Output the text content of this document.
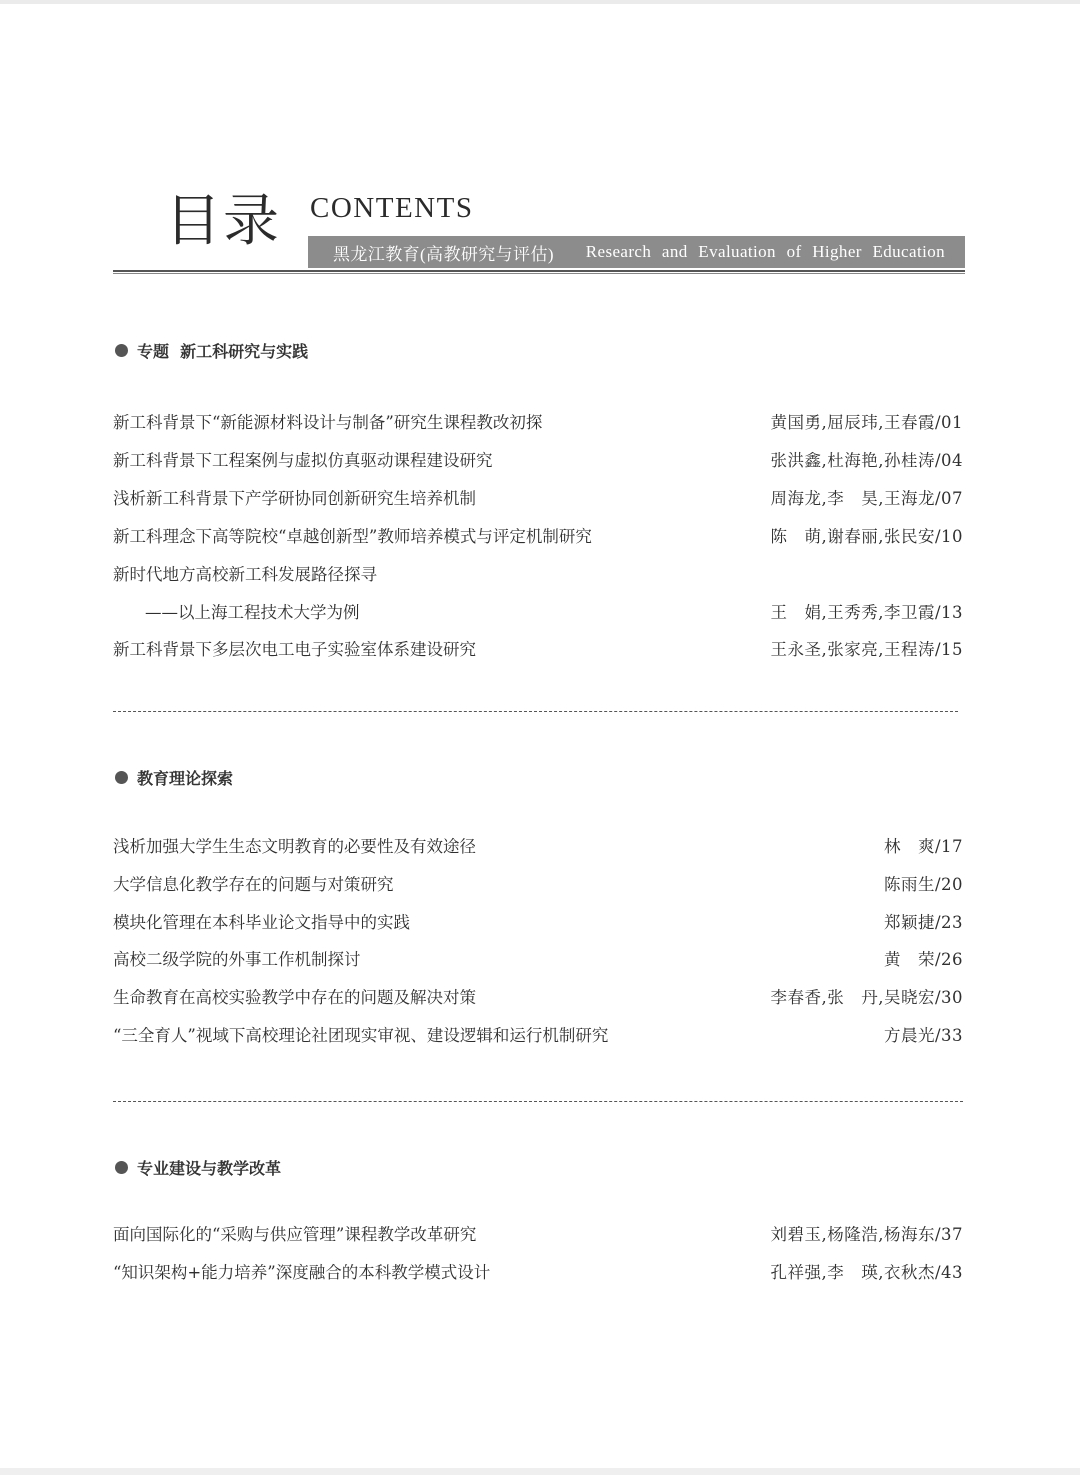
目录 CONTENTS
黑龙江教育(高教研究与评估) Research and Evaluation of Higher Education
专题  新工科研究与实践
新工科背景下“新能源材料设计与制备”研究生课程教改初探	黄国勇,屈辰玮,王春霞/01
新工科背景下工程案例与虚拟仿真驱动课程建设研究	张洪鑫,杜海艳,孙桂涛/04
浅析新工科背景下产学研协同创新研究生培养机制	周海龙,李　昊,王海龙/07
新工科理念下高等院校“卓越创新型”教师培养模式与评定机制研究	陈　萌,谢春丽,张民安/10
新时代地方高校新工科发展路径探寻
——以上海工程技术大学为例	王　娟,王秀秀,李卫霞/13
新工科背景下多层次电工电子实验室体系建设研究	王永圣,张家亮,王程涛/15
教育理论探索
浅析加强大学生生态文明教育的必要性及有效途径	林　爽/17
大学信息化教学存在的问题与对策研究	陈雨生/20
模块化管理在本科毕业论文指导中的实践	郑颖捷/23
高校二级学院的外事工作机制探讨	黄　荣/26
生命教育在高校实验教学中存在的问题及解决对策	李春香,张　丹,吴晓宏/30
“三全育人”视域下高校理论社团现实审视、建设逻辑和运行机制研究	方晨光/33
专业建设与教学改革
面向国际化的“采购与供应管理”课程教学改革研究	刘碧玉,杨隆浩,杨海东/37
“知识架构+能力培养”深度融合的本科教学模式设计	孔祥强,李　瑛,衣秋杰/43
